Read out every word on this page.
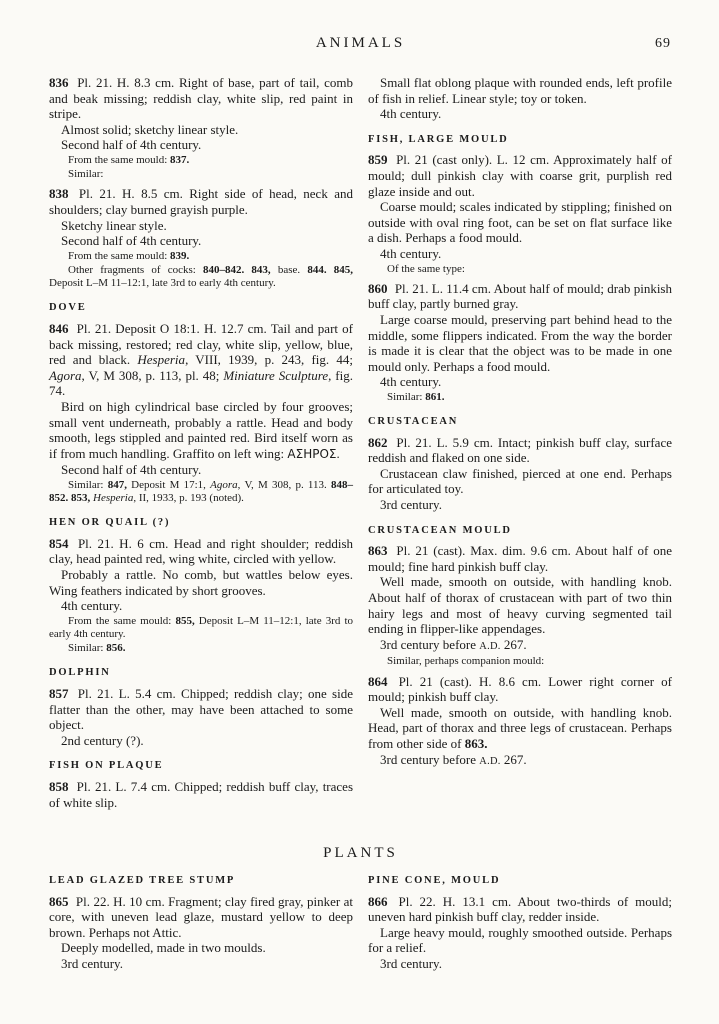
ANIMALS	69

836 Pl. 21. H. 8.3 cm. Right of base, part of tail, comb and beak missing; reddish clay, white slip, red paint in stripe.

Almost solid; sketchy linear style.

Second half of 4th century.

From the same mould: 837.

Similar:

838 Pl. 21. H. 8.5 cm. Right side of head, neck and shoulders; clay burned grayish purple.

Sketchy linear style.

Second half of 4th century.

From the same mould: 839.

Other fragments of cocks: 840–842. 843, base. 844. 845, Deposit L–M 11–12:1, late 3rd to early 4th century.

DOVE

846 Pl. 21. Deposit O 18:1. H. 12.7 cm. Tail and part of back missing, restored; red clay, white slip, yellow, blue, red and black. Hesperia, VIII, 1939, p. 243, fig. 44; Agora, V, M 308, p. 113, pl. 48; Miniature Sculpture, fig. 74.

Bird on high cylindrical base circled by four grooves; small vent underneath, probably a rattle. Head and body smooth, legs stippled and painted red. Bird itself worn as if from much handling. Graffito on left wing: ΑΣΗΡΟΣ.

Second half of 4th century.

Similar: 847, Deposit M 17:1, Agora, V, M 308, p. 113. 848–852. 853, Hesperia, II, 1933, p. 193 (noted).

HEN OR QUAIL (?)

854 Pl. 21. H. 6 cm. Head and right shoulder; reddish clay, head painted red, wing white, circled with yellow.

Probably a rattle. No comb, but wattles below eyes. Wing feathers indicated by short grooves.

4th century.

From the same mould: 855, Deposit L–M 11–12:1, late 3rd to early 4th century.

Similar: 856.

DOLPHIN

857 Pl. 21. L. 5.4 cm. Chipped; reddish clay; one side flatter than the other, may have been attached to some object.

2nd century (?).

FISH ON PLAQUE

858 Pl. 21. L. 7.4 cm. Chipped; reddish buff clay, traces of white slip.

Small flat oblong plaque with rounded ends, left profile of fish in relief. Linear style; toy or token.

4th century.

FISH, LARGE MOULD

859 Pl. 21 (cast only). L. 12 cm. Approximately half of mould; dull pinkish clay with coarse grit, purplish red glaze inside and out.

Coarse mould; scales indicated by stippling; finished on outside with oval ring foot, can be set on flat surface like a dish. Perhaps a food mould.

4th century.

Of the same type:

860 Pl. 21. L. 11.4 cm. About half of mould; drab pinkish buff clay, partly burned gray.

Large coarse mould, preserving part behind head to the middle, some flippers indicated. From the way the border is made it is clear that the object was to be made in one mould only. Perhaps a food mould.

4th century.

Similar: 861.

CRUSTACEAN

862 Pl. 21. L. 5.9 cm. Intact; pinkish buff clay, surface reddish and flaked on one side.

Crustacean claw finished, pierced at one end. Perhaps for articulated toy.

3rd century.

CRUSTACEAN MOULD

863 Pl. 21 (cast). Max. dim. 9.6 cm. About half of one mould; fine hard pinkish buff clay.

Well made, smooth on outside, with handling knob. About half of thorax of crustacean with part of two thin hairy legs and most of heavy curving segmented tail ending in flipper-like appendages.

3rd century before A.D. 267.

Similar, perhaps companion mould:

864 Pl. 21 (cast). H. 8.6 cm. Lower right corner of mould; pinkish buff clay.

Well made, smooth on outside, with handling knob. Head, part of thorax and three legs of crustacean. Perhaps from other side of 863.

3rd century before A.D. 267.

PLANTS

LEAD GLAZED TREE STUMP

865 Pl. 22. H. 10 cm. Fragment; clay fired gray, pinker at core, with uneven lead glaze, mustard yellow to deep brown. Perhaps not Attic.

Deeply modelled, made in two moulds.

3rd century.

PINE CONE, MOULD

866 Pl. 22. H. 13.1 cm. About two-thirds of mould; uneven hard pinkish buff clay, redder inside.

Large heavy mould, roughly smoothed outside. Perhaps for a relief.

3rd century.
